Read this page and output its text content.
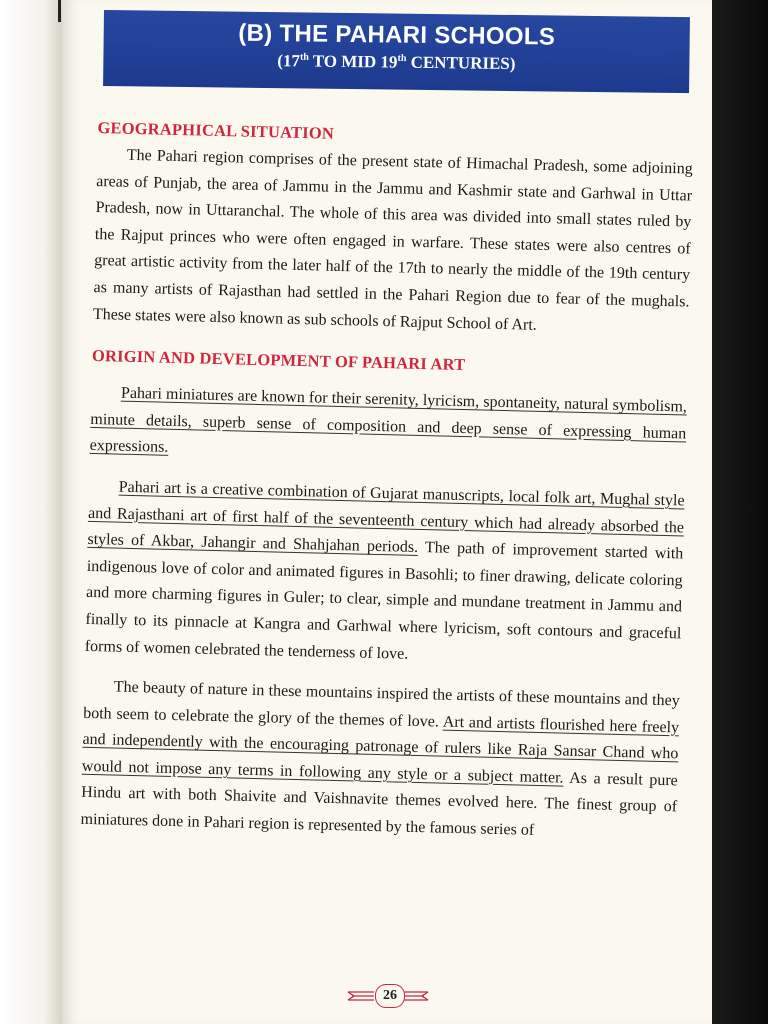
(B) THE PAHARI SCHOOLS
(17th TO MID 19th CENTURIES)
GEOGRAPHICAL SITUATION

The Pahari region comprises of the present state of Himachal Pradesh, some adjoining areas of Punjab, the area of Jammu in the Jammu and Kashmir state and Garhwal in Uttar Pradesh, now in Uttaranchal. The whole of this area was divided into small states ruled by the Rajput princes who were often engaged in warfare. These states were also centres of great artistic activity from the later half of the 17th to nearly the middle of the 19th century as many artists of Rajasthan had settled in the Pahari Region due to fear of the mughals. These states were also known as sub schools of Rajput School of Art.

ORIGIN AND DEVELOPMENT OF PAHARI ART

Pahari miniatures are known for their serenity, lyricism, spontaneity, natural symbolism, minute details, superb sense of composition and deep sense of expressing human expressions.

Pahari art is a creative combination of Gujarat manuscripts, local folk art, Mughal style and Rajasthani art of first half of the seventeenth century which had already absorbed the styles of Akbar, Jahangir and Shahjahan periods. The path of improvement started with indigenous love of color and animated figures in Basohli; to finer drawing, delicate coloring and more charming figures in Guler; to clear, simple and mundane treatment in Jammu and finally to its pinnacle at Kangra and Garhwal where lyricism, soft contours and graceful forms of women celebrated the tenderness of love.

The beauty of nature in these mountains inspired the artists of these mountains and they both seem to celebrate the glory of the themes of love. Art and artists flourished here freely and independently with the encouraging patronage of rulers like Raja Sansar Chand who would not impose any terms in following any style or a subject matter. As a result pure Hindu art with both Shaivite and Vaishnavite themes evolved here. The finest group of miniatures done in Pahari region is represented by the famous series of

26
